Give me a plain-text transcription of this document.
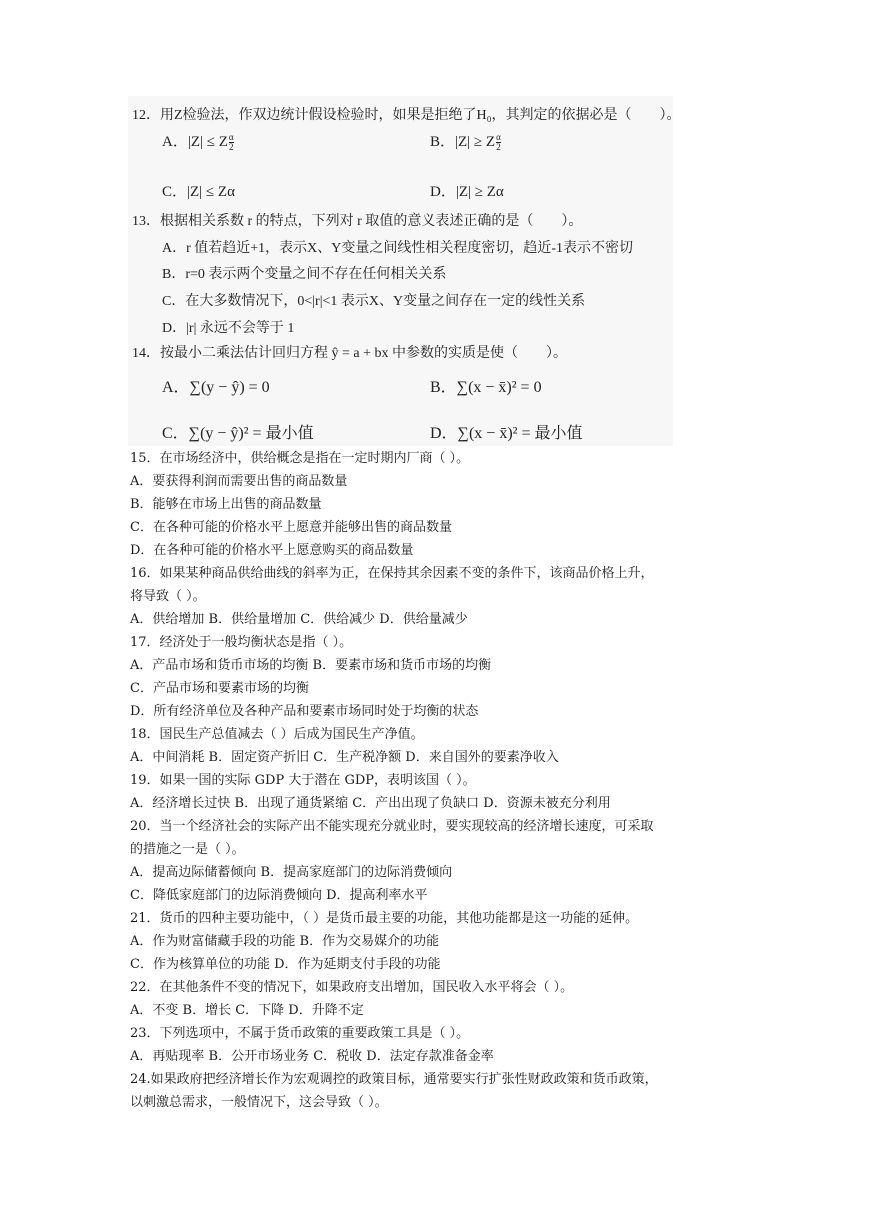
12．用Z检验法，作双边统计假设检验时，如果是拒绝了H₀，其判定的依据必是（　　）。
A．|Z| ≤ Z $\frac{\alpha}{2}$	B．|Z| ≥ Z $\frac{\alpha}{2}$
C．|Z| ≤ Zα	D．|Z| ≥ Zα
13．根据相关系数 r 的特点，下列对 r 取值的意义表述正确的是（　　）。
A．r 值若趋近+1，表示X、Y变量之间线性相关程度密切，趋近-1表示不密切
B．r=0 表示两个变量之间不存在任何相关关系
C．在大多数情况下，0<|r|<1 表示X、Y变量之间存在一定的线性关系
D．|r| 永远不会等于 1
14．按最小二乘法估计回归方程 ŷ = a + bx 中参数的实质是使（　　）。
A．∑(y − ŷ) = 0	B．∑(x − x̄)² = 0
C．∑(y − ŷ)² = 最小值	D．∑(x − x̄)² = 最小值
15．在市场经济中，供给概念是指在一定时期内厂商（ ）。
A．要获得利润而需要出售的商品数量
B．能够在市场上出售的商品数量
C．在各种可能的价格水平上愿意并能够出售的商品数量
D．在各种可能的价格水平上愿意购买的商品数量
16．如果某种商品供给曲线的斜率为正，在保持其余因素不变的条件下，该商品价格上升，
将导致（ ）。
A．供给增加 B．供给量增加 C．供给减少 D．供给量减少
17．经济处于一般均衡状态是指（ ）。
A．产品市场和货币市场的均衡 B．要素市场和货币市场的均衡
C．产品市场和要素市场的均衡
D．所有经济单位及各种产品和要素市场同时处于均衡的状态
18．国民生产总值减去（ ）后成为国民生产净值。
A．中间消耗 B．固定资产折旧 C．生产税净额 D．来自国外的要素净收入
19．如果一国的实际 GDP 大于潜在 GDP，表明该国（ ）。
A．经济增长过快 B．出现了通货紧缩 C．产出出现了负缺口 D．资源未被充分利用
20．当一个经济社会的实际产出不能实现充分就业时，要实现较高的经济增长速度，可采取
的措施之一是（ ）。
A．提高边际储蓄倾向 B．提高家庭部门的边际消费倾向
C．降低家庭部门的边际消费倾向 D．提高利率水平
21．货币的四种主要功能中，（ ）是货币最主要的功能，其他功能都是这一功能的延伸。
A．作为财富储藏手段的功能 B．作为交易媒介的功能
C．作为核算单位的功能 D．作为延期支付手段的功能
22．在其他条件不变的情况下，如果政府支出增加，国民收入水平将会（ ）。
A．不变 B．增长 C．下降 D．升降不定
23．下列选项中，不属于货币政策的重要政策工具是（ ）。
A．再贴现率 B．公开市场业务 C．税收 D．法定存款准备金率
24.如果政府把经济增长作为宏观调控的政策目标，通常要实行扩张性财政政策和货币政策，
以刺激总需求，一般情况下，这会导致（ ）。
